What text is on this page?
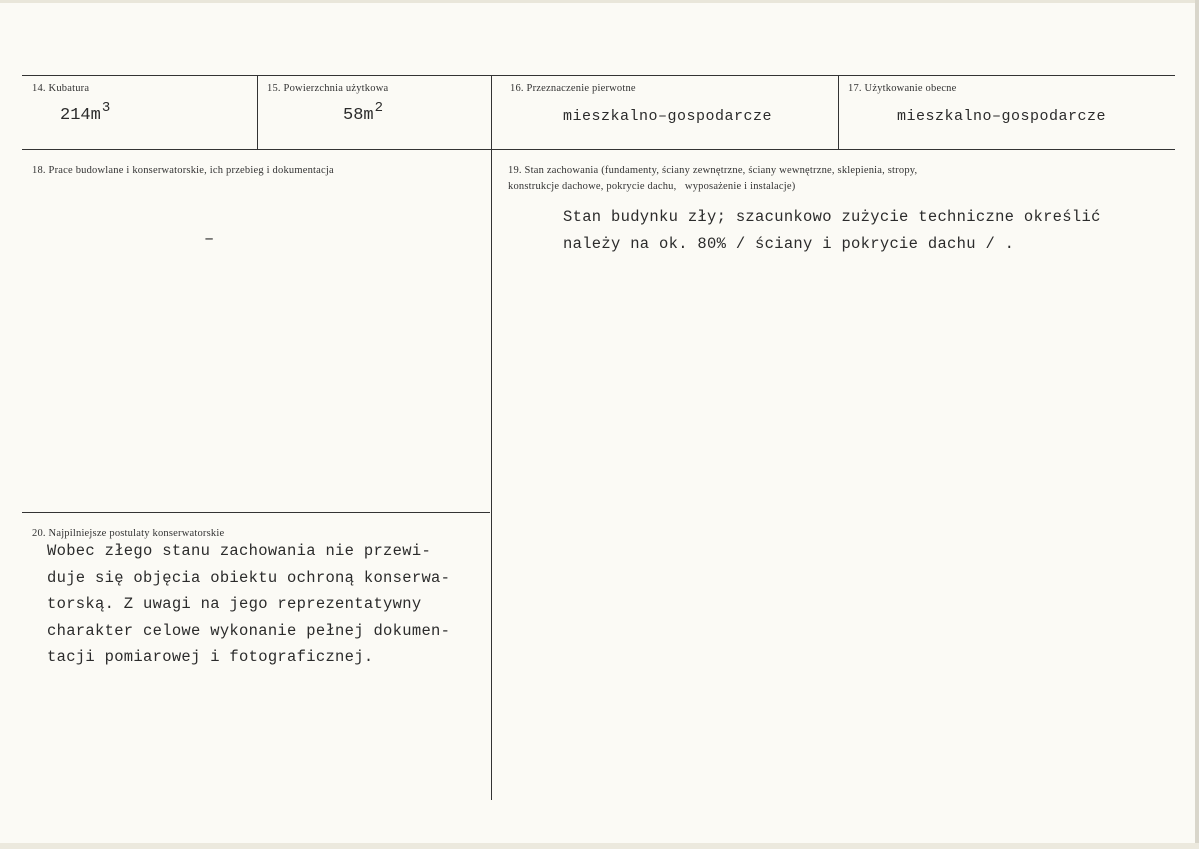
14. Kubatura
$214m^3$
15. Powierzchnia użytkowa
$58m^2$
16. Przeznaczenie pierwotne
mieszkalno–gospodarcze
17. Użytkowanie obecne
mieszkalno–gospodarcze
18. Prace budowlane i konserwatorskie, ich przebieg i dokumentacja
–
19. Stan zachowania (fundamenty, ściany zewnętrzne, ściany wewnętrzne, sklepienia, stropy,
konstrukcje dachowe, pokrycie dachu,   wyposażenie i instalacje)
Stan budynku zły; szacunkowo zużycie techniczne określić
należy na ok. 80% / ściany i pokrycie dachu / .
20. Najpilniejsze postulaty konserwatorskie
Wobec złego stanu zachowania nie przewi-
duje się objęcia obiektu ochroną konserwa-
torską. Z uwagi na jego reprezentatywny
charakter celowe wykonanie pełnej dokumen-
tacji pomiarowej i fotograficznej.
